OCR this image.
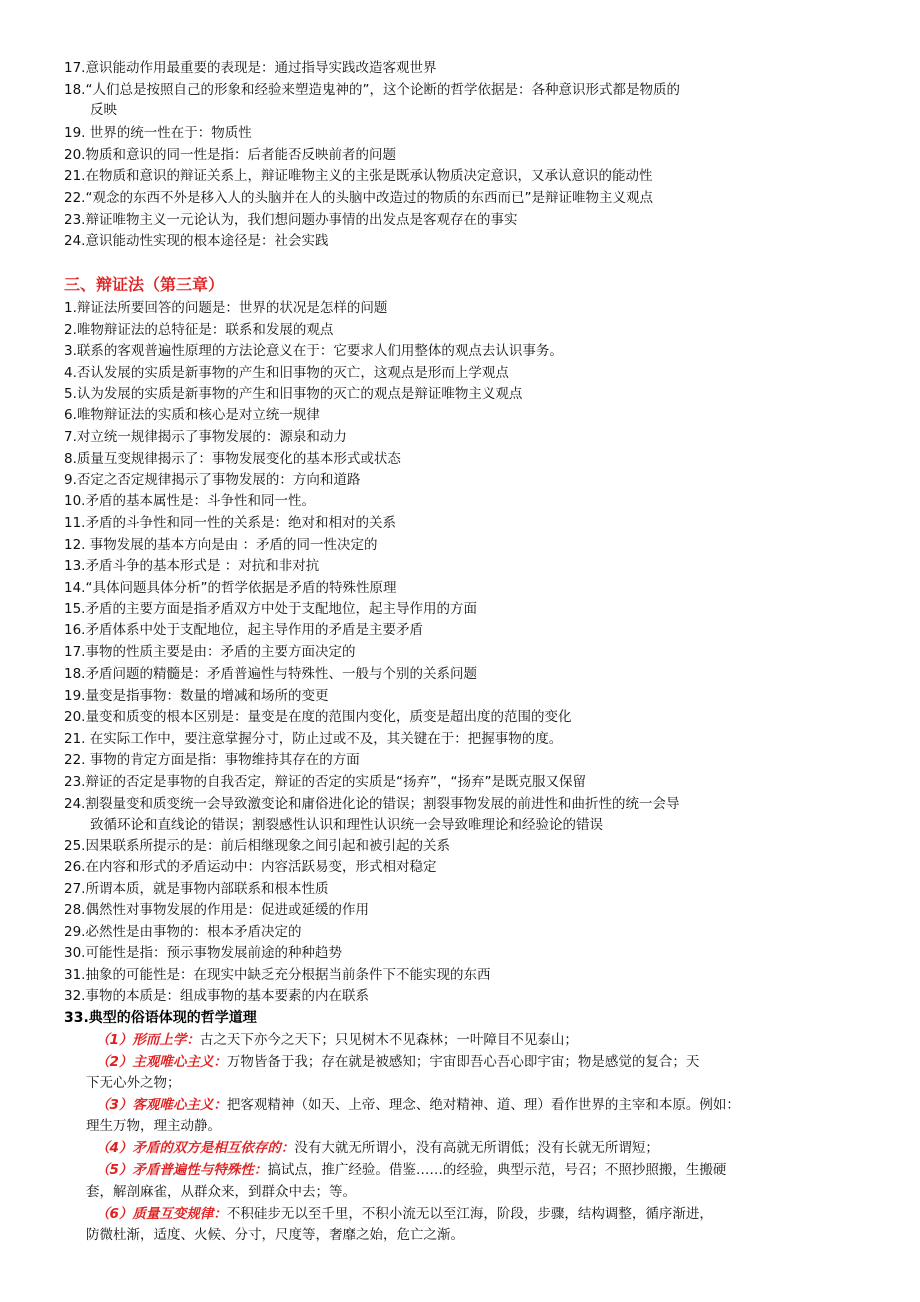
17.意识能动作用最重要的表现是：通过指导实践改造客观世界
18.“人们总是按照自己的形象和经验来塑造鬼神的”，这个论断的哲学依据是：各种意识形式都是物质的
反映
19. 世界的统一性在于：物质性
20.物质和意识的同一性是指：后者能否反映前者的问题
21.在物质和意识的辩证关系上，辩证唯物主义的主张是既承认物质决定意识，又承认意识的能动性
22.“观念的东西不外是移入人的头脑并在人的头脑中改造过的物质的东西而已”是辩证唯物主义观点
23.辩证唯物主义一元论认为，我们想问题办事情的出发点是客观存在的事实
24.意识能动性实现的根本途径是：社会实践
三、辩证法（第三章）
1.辩证法所要回答的问题是：世界的状况是怎样的问题
2.唯物辩证法的总特征是：联系和发展的观点
3.联系的客观普遍性原理的方法论意义在于：它要求人们用整体的观点去认识事务。
4.否认发展的实质是新事物的产生和旧事物的灭亡，这观点是形而上学观点
5.认为发展的实质是新事物的产生和旧事物的灭亡的观点是辩证唯物主义观点
6.唯物辩证法的实质和核心是对立统一规律
7.对立统一规律揭示了事物发展的：源泉和动力
8.质量互变规律揭示了：事物发展变化的基本形式或状态
9.否定之否定规律揭示了事物发展的：方向和道路
10.矛盾的基本属性是：斗争性和同一性。
11.矛盾的斗争性和同一性的关系是：绝对和相对的关系
12. 事物发展的基本方向是由 ：矛盾的同一性决定的
13.矛盾斗争的基本形式是 ：对抗和非对抗
14.“具体问题具体分析”的哲学依据是矛盾的特殊性原理
15.矛盾的主要方面是指矛盾双方中处于支配地位，起主导作用的方面
16.矛盾体系中处于支配地位，起主导作用的矛盾是主要矛盾
17.事物的性质主要是由：矛盾的主要方面决定的
18.矛盾问题的精髓是：矛盾普遍性与特殊性、一般与个别的关系问题
19.量变是指事物：数量的增减和场所的变更
20.量变和质变的根本区别是：量变是在度的范围内变化，质变是超出度的范围的变化
21. 在实际工作中，要注意掌握分寸，防止过或不及，其关键在于：把握事物的度。
22. 事物的肯定方面是指：事物维持其存在的方面
23.辩证的否定是事物的自我否定，辩证的否定的实质是“扬弃”，“扬弃”是既克服又保留
24.割裂量变和质变统一会导致激变论和庸俗进化论的错误；割裂事物发展的前进性和曲折性的统一会导
致循环论和直线论的错误；割裂感性认识和理性认识统一会导致唯理论和经验论的错误
25.因果联系所提示的是：前后相继现象之间引起和被引起的关系
26.在内容和形式的矛盾运动中：内容活跃易变，形式相对稳定
27.所谓本质，就是事物内部联系和根本性质
28.偶然性对事物发展的作用是：促进或延缓的作用
29.必然性是由事物的：根本矛盾决定的
30.可能性是指：预示事物发展前途的种种趋势
31.抽象的可能性是：在现实中缺乏充分根据当前条件下不能实现的东西
32.事物的本质是：组成事物的基本要素的内在联系
33.典型的俗语体现的哲学道理
（1）形而上学：古之天下亦今之天下；只见树木不见森林；一叶障目不见泰山；
（2）主观唯心主义：万物皆备于我；存在就是被感知；宇宙即吾心吾心即宇宙；物是感觉的复合；天
下无心外之物；
（3）客观唯心主义：把客观精神（如天、上帝、理念、绝对精神、道、理）看作世界的主宰和本原。例如：
理生万物，理主动静。
（4）矛盾的双方是相互依存的：没有大就无所谓小，没有高就无所谓低；没有长就无所谓短；
（5）矛盾普遍性与特殊性：搞试点，推广经验。借鉴……的经验，典型示范，号召；不照抄照搬，生搬硬
套，解剖麻雀，从群众来，到群众中去；等。
（6）质量互变规律：不积硅步无以至千里，不积小流无以至江海，阶段，步骤，结构调整，循序渐进，
防微杜渐，适度、火候、分寸，尺度等，奢靡之始，危亡之渐。
